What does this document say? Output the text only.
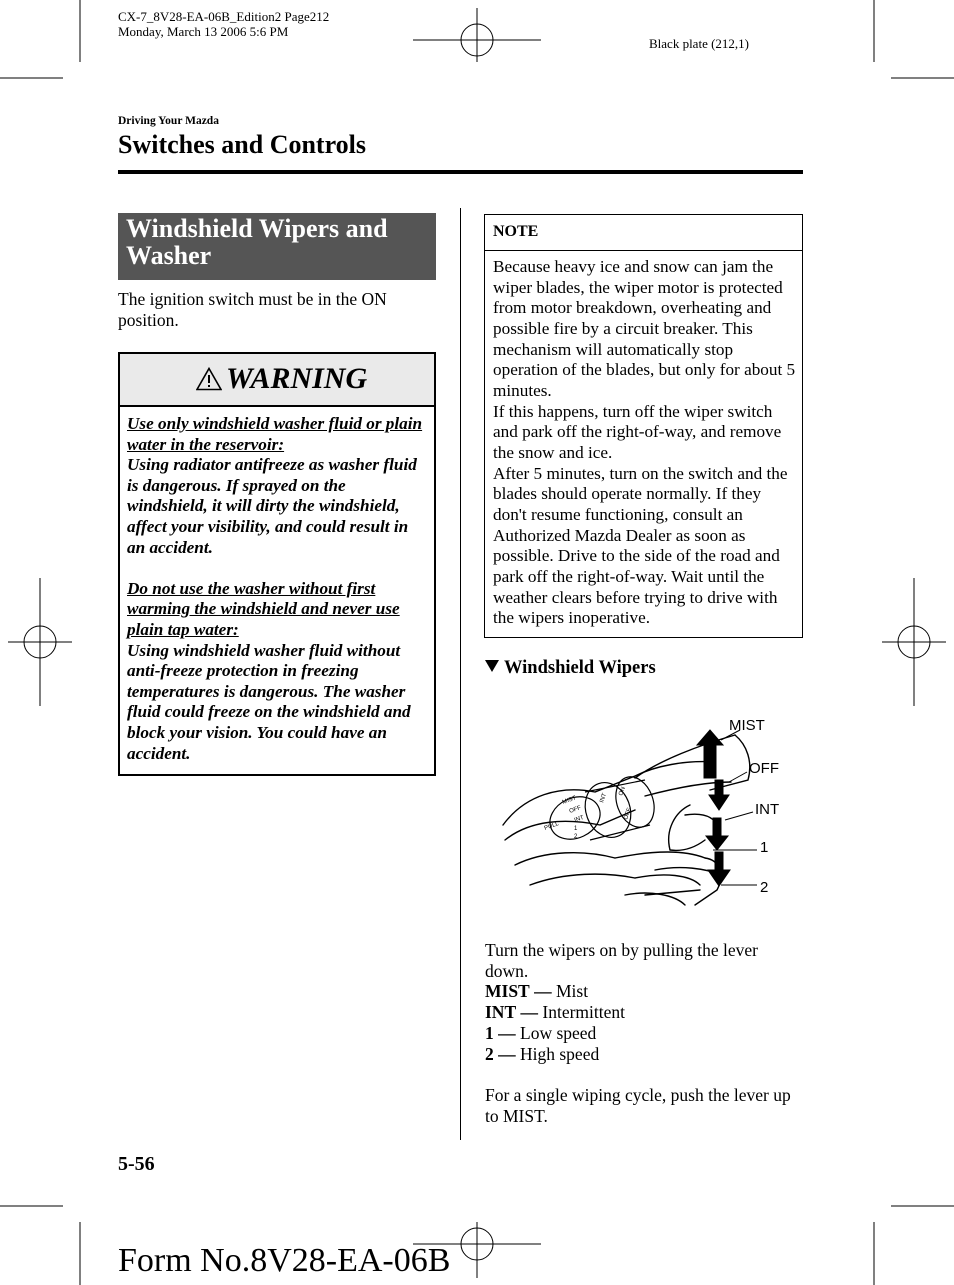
CX-7_8V28-EA-06B_Edition2 Page212
Monday, March 13 2006 5:6 PM
Black plate (212,1)
Driving Your Mazda
Switches and Controls
Windshield Wipers and Washer
The ignition switch must be in the ON position.
WARNING
Use only windshield washer fluid or plain water in the reservoir:
Using radiator antifreeze as washer fluid is dangerous. If sprayed on the windshield, it will dirty the windshield, affect your visibility, and could result in an accident.
Do not use the washer without first warming the windshield and never use plain tap water:
Using windshield washer fluid without anti-freeze protection in freezing temperatures is dangerous. The washer fluid could freeze on the windshield and block your vision. You could have an accident.
NOTE
Because heavy ice and snow can jam the wiper blades, the wiper motor is protected from motor breakdown, overheating and possible fire by a circuit breaker. This mechanism will automatically stop operation of the blades, but only for about 5 minutes.
If this happens, turn off the wiper switch and park off the right-of-way, and remove the snow and ice.
After 5 minutes, turn on the switch and the blades should operate normally. If they don't resume functioning, consult an Authorized Mazda Dealer as soon as possible. Drive to the side of the road and park off the right-of-way. Wait until the weather clears before trying to drive with the wipers inoperative.
Windshield Wipers
MIST
OFF
INT
1
2
PULL
INT
ON
OFF
MIST
OFF
INT
1
2
Turn the wipers on by pulling the lever down.
MIST — Mist
INT — Intermittent
1 — Low speed
2 — High speed
For a single wiping cycle, push the lever up to MIST.
5-56
Form No.8V28-EA-06B
